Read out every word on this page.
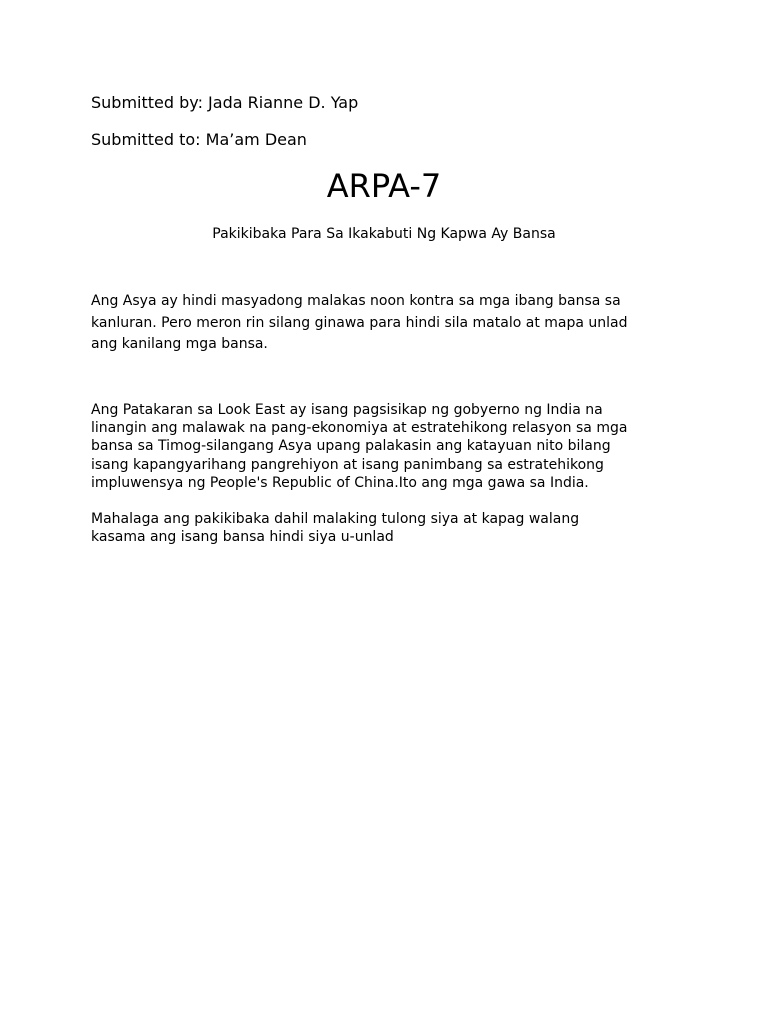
Submitted by: Jada Rianne D. Yap
Submitted to: Ma’am Dean
ARPA-7
Pakikibaka Para Sa Ikakabuti Ng Kapwa Ay Bansa
Ang Asya ay hindi masyadong malakas noon kontra sa mga ibang bansa sa
kanluran. Pero meron rin silang ginawa para hindi sila matalo at mapa unlad
ang kanilang mga bansa.
Ang Patakaran sa Look East ay isang pagsisikap ng gobyerno ng India na
linangin ang malawak na pang-ekonomiya at estratehikong relasyon sa mga
bansa sa Timog-silangang Asya upang palakasin ang katayuan nito bilang
isang kapangyarihang pangrehiyon at isang panimbang sa estratehikong
impluwensya ng People's Republic of China.Ito ang mga gawa sa India.
Mahalaga ang pakikibaka dahil malaking tulong siya at kapag walang
kasama ang isang bansa hindi siya u-unlad
